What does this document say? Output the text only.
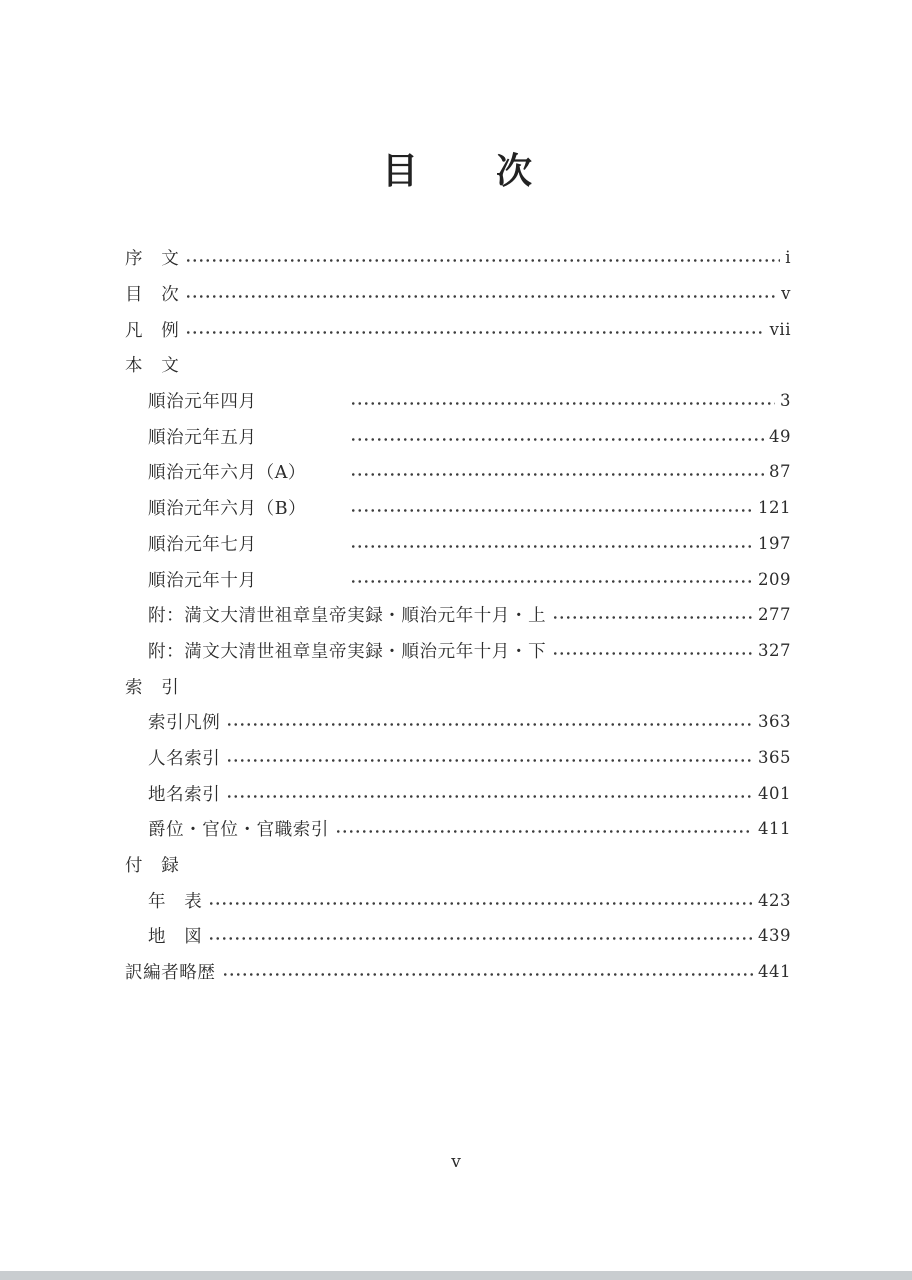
目　　次
序　文	i
目　次	v
凡　例	vii
本　文
順治元年四月	3
順治元年五月	49
順治元年六月（A）	87
順治元年六月（B）	121
順治元年七月	197
順治元年十月	209
附：満文大清世祖章皇帝実録・順治元年十月・上	277
附：満文大清世祖章皇帝実録・順治元年十月・下	327
索　引
索引凡例	363
人名索引	365
地名索引	401
爵位・官位・官職索引	411
付　録
年　表	423
地　図	439
訳編者略歴	441
v
